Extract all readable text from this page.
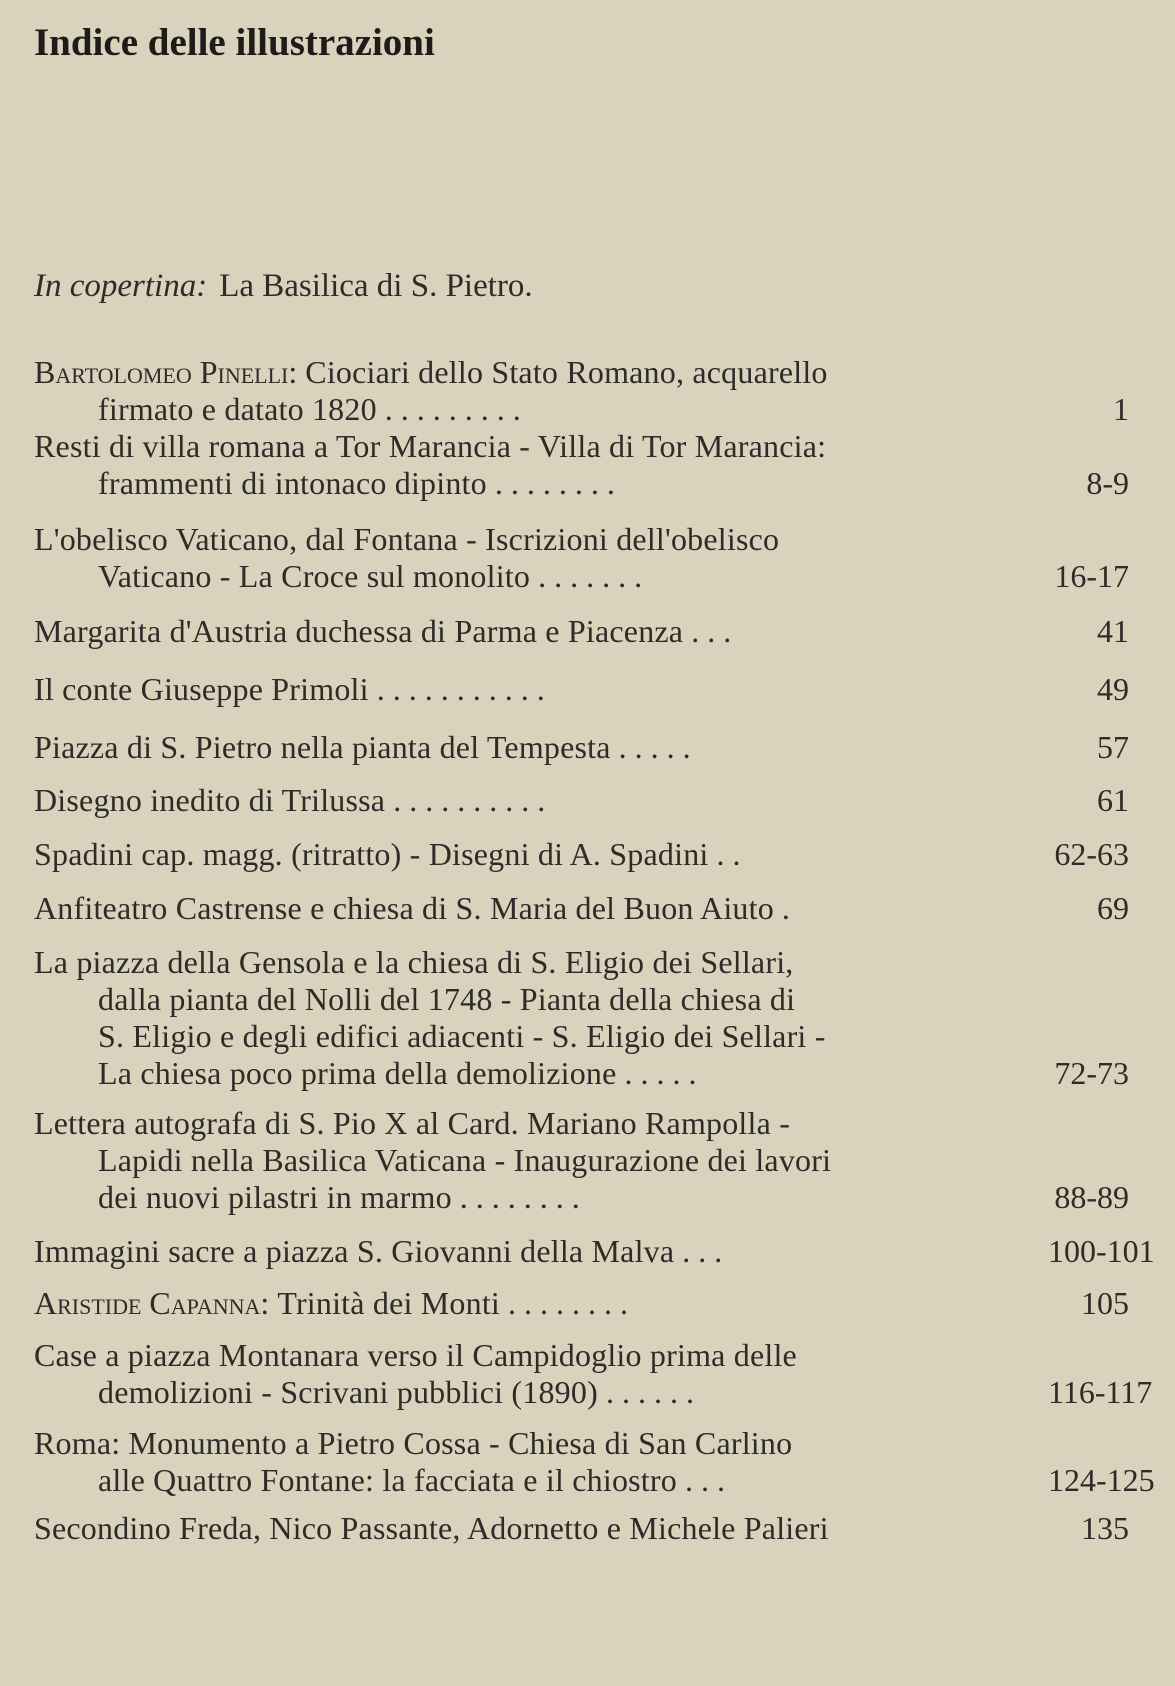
Indice delle illustrazioni
In copertina: La Basilica di S. Pietro.
Bartolomeo Pinelli: Ciociari dello Stato Romano, acquarello
firmato e datato 1820 . . . . . . . . .	1
Resti di villa romana a Tor Marancia - Villa di Tor Marancia:
frammenti di intonaco dipinto . . . . . . . .	8-9
L'obelisco Vaticano, dal Fontana - Iscrizioni dell'obelisco
Vaticano - La Croce sul monolito . . . . . . .	16-17
Margarita d'Austria duchessa di Parma e Piacenza . . .	41
Il conte Giuseppe Primoli . . . . . . . . . . .	49
Piazza di S. Pietro nella pianta del Tempesta . . . . .	57
Disegno inedito di Trilussa . . . . . . . . . .	61
Spadini cap. magg. (ritratto) - Disegni di A. Spadini . .	62-63
Anfiteatro Castrense e chiesa di S. Maria del Buon Aiuto .	69
La piazza della Gensola e la chiesa di S. Eligio dei Sellari,
dalla pianta del Nolli del 1748 - Pianta della chiesa di
S. Eligio e degli edifici adiacenti - S. Eligio dei Sellari -
La chiesa poco prima della demolizione . . . . .	72-73
Lettera autografa di S. Pio X al Card. Mariano Rampolla -
Lapidi nella Basilica Vaticana - Inaugurazione dei lavori
dei nuovi pilastri in marmo . . . . . . . .	88-89
Immagini sacre a piazza S. Giovanni della Malva . . .	100-101
Aristide Capanna: Trinità dei Monti . . . . . . . .	105
Case a piazza Montanara verso il Campidoglio prima delle
demolizioni - Scrivani pubblici (1890) . . . . . .	116-117
Roma: Monumento a Pietro Cossa - Chiesa di San Carlino
alle Quattro Fontane: la facciata e il chiostro . . .	124-125
Secondino Freda, Nico Passante, Adornetto e Michele Palieri	135
